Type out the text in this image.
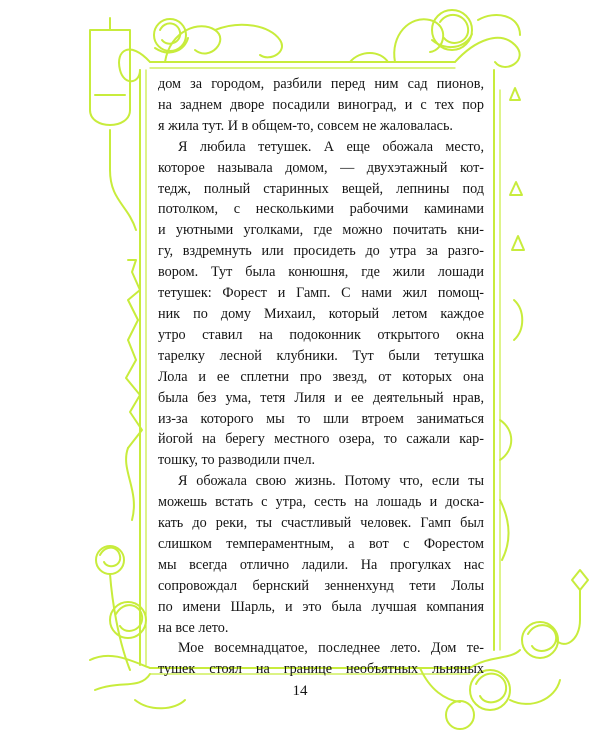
дом за городом, разбили перед ним сад пионов,
на заднем дворе посадили виноград, и с тех пор
я жила тут. И в общем-то, совсем не жаловалась.

Я любила тетушек. А еще обожала место,
которое называла домом, — двухэтажный кот-
тедж, полный старинных вещей, лепнины под
потолком, с несколькими рабочими каминами
и уютными уголками, где можно почитать кни-
гу, вздремнуть или просидеть до утра за разго-
вором. Тут была конюшня, где жили лошади
тетушек: Форест и Гамп. С нами жил помощ-
ник по дому Михаил, который летом каждое
утро ставил на подоконник открытого окна
тарелку лесной клубники. Тут были тетушка
Лола и ее сплетни про звезд, от которых она
была без ума, тетя Лиля и ее деятельный нрав,
из-за которого мы то шли втроем заниматься
йогой на берегу местного озера, то сажали кар-
тошку, то разводили пчел.

Я обожала свою жизнь. Потому что, если ты
можешь встать с утра, сесть на лошадь и доска-
кать до реки, ты счастливый человек. Гамп был
слишком темпераментным, а вот с Форестом
мы всегда отлично ладили. На прогулках нас
сопровождал бернский зенненхунд тети Лолы
по имени Шарль, и это была лучшая компания
на все лето.

Мое восемнадцатое, последнее лето. Дом те-
тушек стоял на границе необъятных льняных

14
